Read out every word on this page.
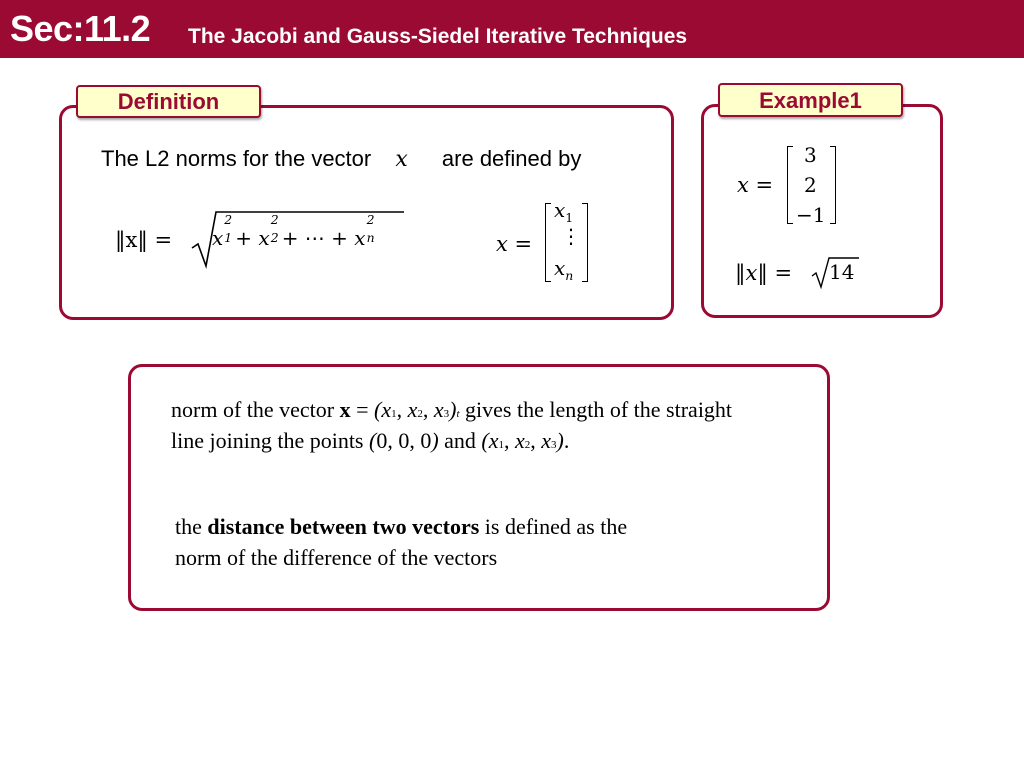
Sec:11.2 The Jacobi and Gauss-Siedel Iterative Techniques
Definition
The L2 norms for the vector x are defined by
‖x‖ = x
2
1 + x
2
2 + ⋯ + x
2
n	x =
$x_1$
⋮
$x_n$
Example1
x =
3
2
−1
‖x‖ = 14
norm of the vector x = (x1, x2, x3)t gives the length of the straight
line joining the points (0, 0, 0) and (x1, x2, x3).
the distance between two vectors is defined as the
norm of the difference of the vectors
